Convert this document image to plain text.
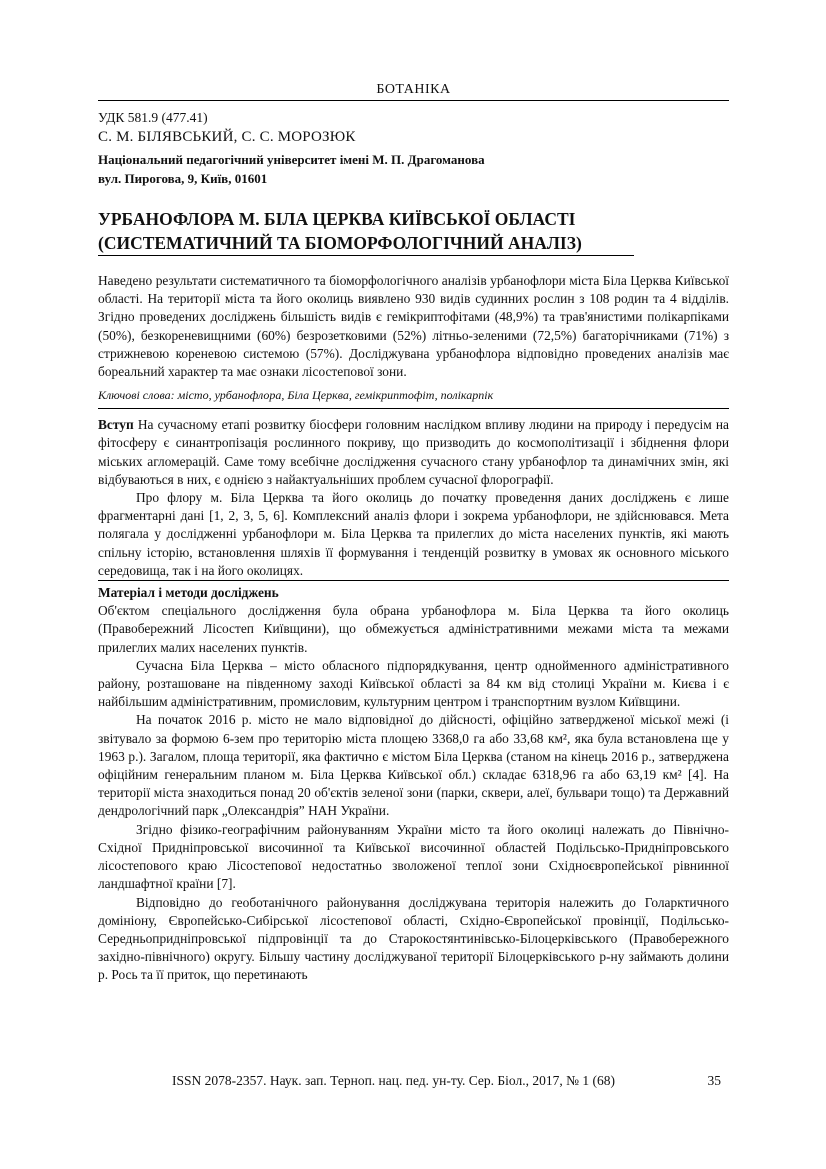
БОТАНІКА
УДК 581.9 (477.41)
С. М. БІЛЯВСЬКИЙ, С. С. МОРОЗЮК
Національний педагогічний університет імені М. П. Драгоманова
вул. Пирогова, 9, Київ, 01601
УРБАНОФЛОРА М. БІЛА ЦЕРКВА КИЇВСЬКОЇ ОБЛАСТІ
(СИСТЕМАТИЧНИЙ ТА БІОМОРФОЛОГІЧНИЙ АНАЛІЗ)

Наведено результати систематичного та біоморфологічного аналізів урбанофлори міста Біла Церква Київської області. На території міста та його околиць виявлено 930 видів судинних рослин з 108 родин та 4 відділів. Згідно проведених досліджень більшість видів є гемікриптофітами (48,9%) та трав'янистими полікарпіками (50%), безкореневищними (60%) безрозетковими (52%) літньо-зеленими (72,5%) багаторічниками (71%) з стрижневою кореневою системою (57%). Досліджувана урбанофлора відповідно проведених аналізів має бореальний характер та має ознаки лісостепової зони.

Ключові слова: місто, урбанофлора, Біла Церква, гемікриптофіт, полікарпік

Вступ На сучасному етапі розвитку біосфери головним наслідком впливу людини на природу і передусім на фітосферу є синантропізація рослинного покриву, що призводить до космополітизації і збіднення флори міських агломерацій. Саме тому всебічне дослідження сучасного стану урбанофлор та динамічних змін, які відбуваються в них, є однією з найактуальніших проблем сучасної флорографії.

Про флору м. Біла Церква та його околиць до початку проведення даних досліджень є лише фрагментарні дані [1, 2, 3, 5, 6]. Комплексний аналіз флори і зокрема урбанофлори, не здійснювався. Мета полягала у дослідженні урбанофлори м. Біла Церква та прилеглих до міста населених пунктів, які мають спільну історію, встановлення шляхів її формування і тенденцій розвитку в умовах як основного міського середовища, так і на його околицях.

Матеріал і методи досліджень

Об'єктом спеціального дослідження була обрана урбанофлора м. Біла Церква та його околиць (Правобережний Лісостеп Київщини), що обмежується адміністративними межами міста та межами прилеглих малих населених пунктів.

Сучасна Біла Церква – місто обласного підпорядкування, центр однойменного адміністративного району, розташоване на південному заході Київської області за 84 км від столиці України м. Києва і є найбільшим адміністративним, промисловим, культурним центром і транспортним вузлом Київщини.

На початок 2016 р. місто не мало відповідної до дійсності, офіційно затвердженої міської межі (і звітувало за формою 6-зем про територію міста площею 3368,0 га або 33,68 км², яка була встановлена ще у 1963 р.). Загалом, площа території, яка фактично є містом Біла Церква (станом на кінець 2016 р., затверджена офіційним генеральним планом м. Біла Церква Київської обл.) складає 6318,96 га або 63,19 км² [4]. На території міста знаходиться понад 20 об'єктів зеленої зони (парки, сквери, алеї, бульвари тощо) та Державний дендрологічний парк „Олександрія” НАН України.

Згідно фізико-географічним районуванням України місто та його околиці належать до Північно-Східної Придніпровської височинної та Київської височинної областей Подільсько-Придніпровського лісостепового краю Лісостепової недостатньо зволоженої теплої зони Східноєвропейської рівнинної ландшафтної країни [7].

Відповідно до геоботанічного районування досліджувана територія належить до Голарктичного домініону, Європейсько-Сибірської лісостепової області, Східно-Європейської провінції, Подільсько-Середньопридніпровської підпровінції та до Старокостянтинівсько-Білоцерківського (Правобережного західно-північного) округу. Більшу частину досліджуваної території Білоцерківського р-ну займають долини р. Рось та її приток, що перетинають

ISSN 2078-2357. Наук. зап. Терноп. нац. пед. ун-ту. Сер. Біол., 2017, № 1 (68)	35
